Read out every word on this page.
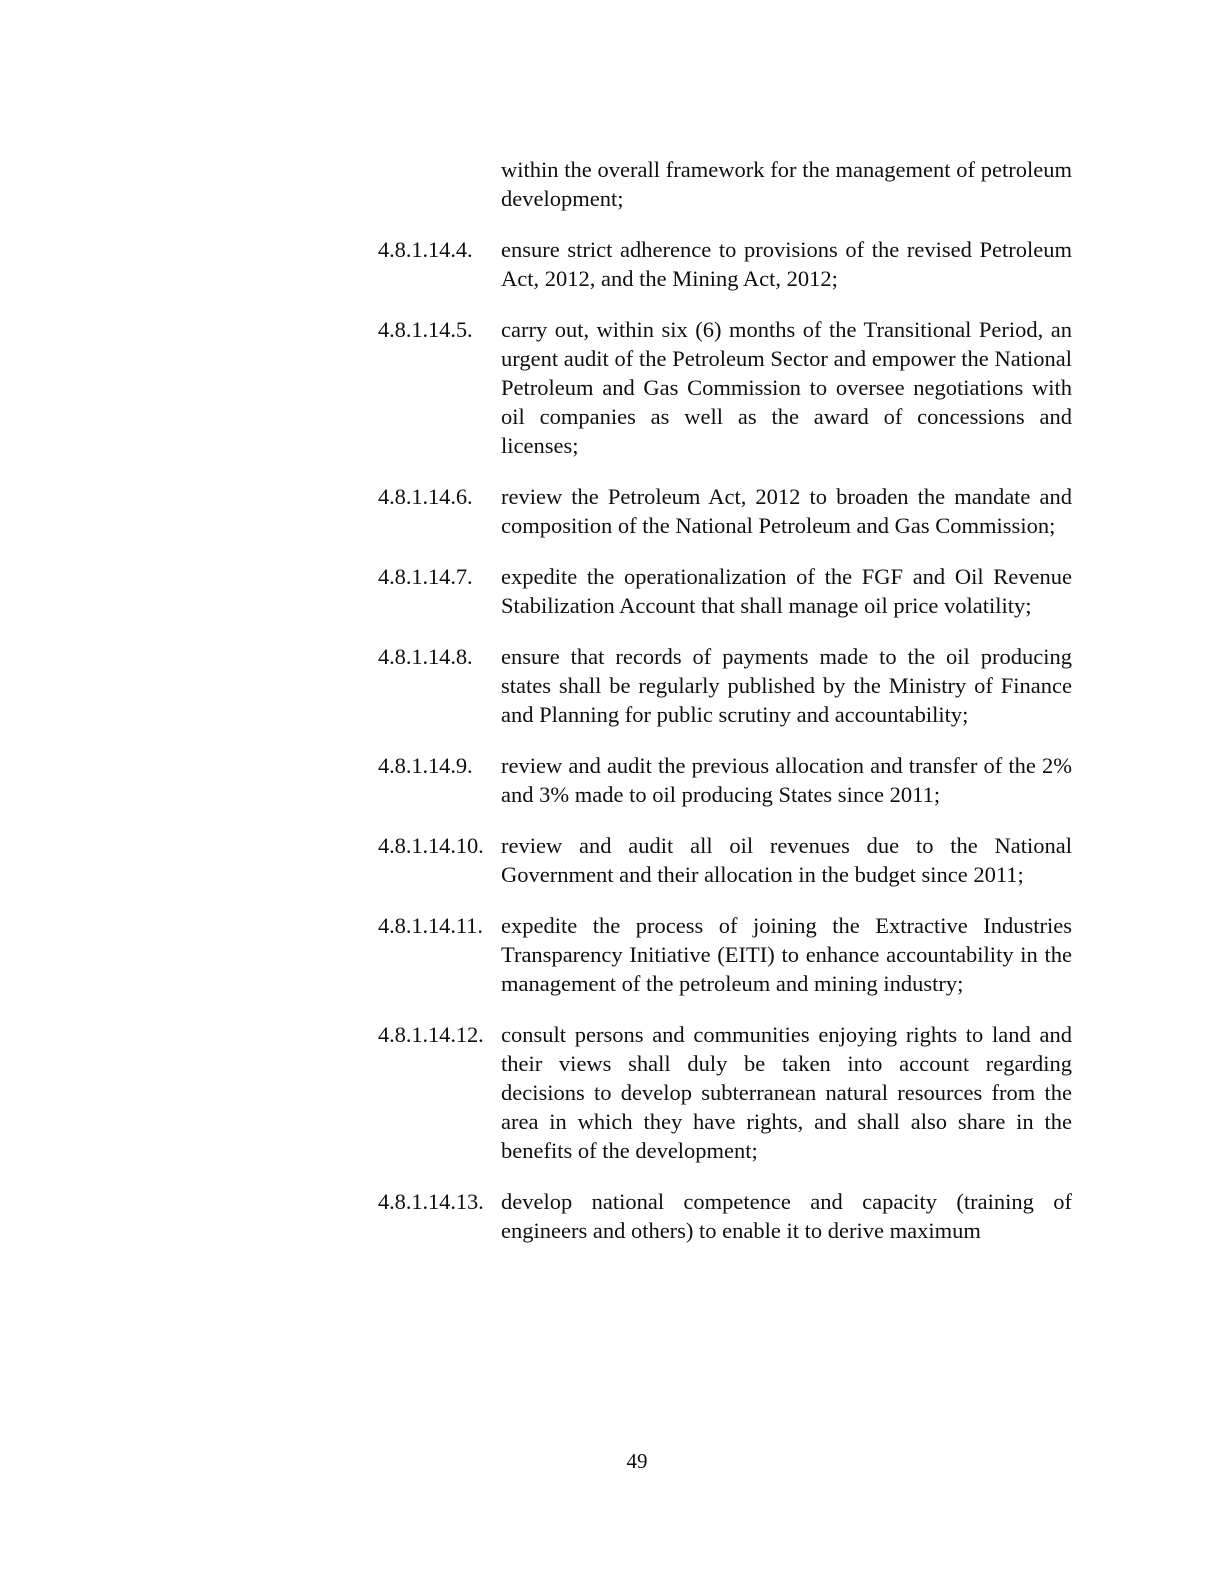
within the overall framework for the management of petroleum development;

4.8.1.14.4.	ensure strict adherence to provisions of the revised Petroleum Act, 2012, and the Mining Act, 2012;
4.8.1.14.5.	carry out, within six (6) months of the Transitional Period, an urgent audit of the Petroleum Sector and empower the National Petroleum and Gas Commission to oversee negotiations with oil companies as well as the award of concessions and licenses;
4.8.1.14.6.	review the Petroleum Act, 2012 to broaden the mandate and composition of the National Petroleum and Gas Commission;
4.8.1.14.7.	expedite the operationalization of the FGF and Oil Revenue Stabilization Account that shall manage oil price volatility;
4.8.1.14.8.	ensure that records of payments made to the oil producing states shall be regularly published by the Ministry of Finance and Planning for public scrutiny and accountability;
4.8.1.14.9.	review and audit the previous allocation and transfer of the 2% and 3% made to oil producing States since 2011;
4.8.1.14.10. review and audit all oil revenues due to the National Government and their allocation in the budget since 2011;
4.8.1.14.11. expedite the process of joining the Extractive Industries Transparency Initiative (EITI) to enhance accountability in the management of the petroleum and mining industry;
4.8.1.14.12. consult persons and communities enjoying rights to land and their views shall duly be taken into account regarding decisions to develop subterranean natural resources from the area in which they have rights, and shall also share in the benefits of the development;
4.8.1.14.13. develop national competence and capacity (training of engineers and others) to enable it to derive maximum
49
